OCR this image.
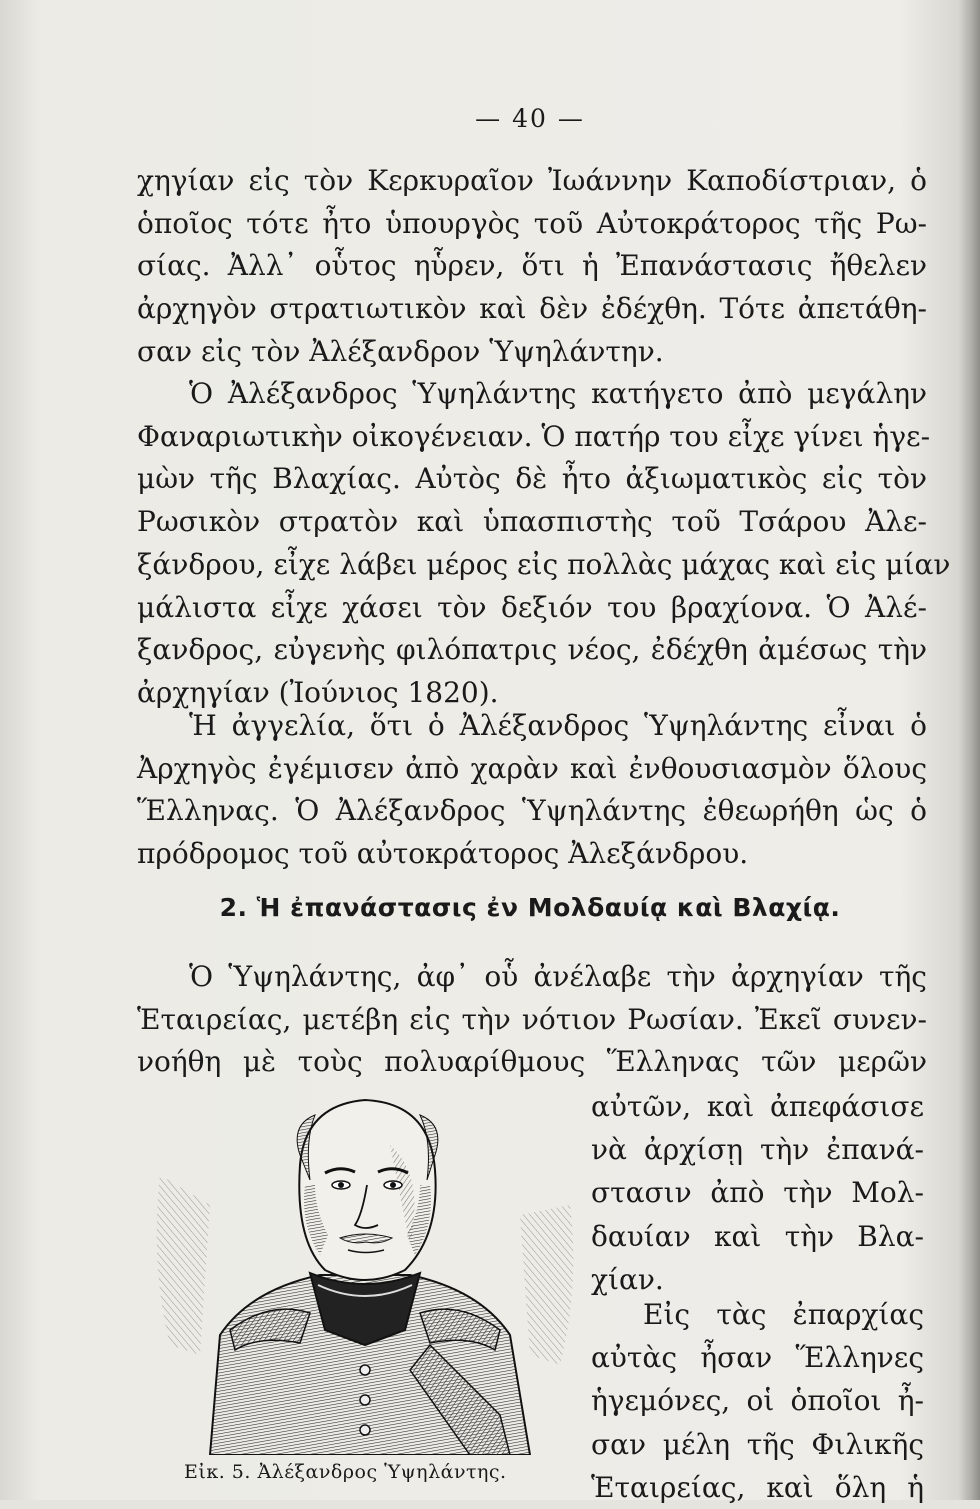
— 40 —
χηγίαν εἰς τὸν Κερκυραῖον Ἰωάννην Καποδίστριαν, ὁ
ὁποῖος τότε ἦτο ὑπουργὸς τοῦ Αὐτοκράτορος τῆς Ρω-
σίας. Ἀλλ᾽ οὗτος ηὗρεν, ὅτι ἡ Ἐπανάστασις ἤθελεν
ἀρχηγὸν στρατιωτικὸν καὶ δὲν ἐδέχθη. Τότε ἀπετάθη-
σαν εἰς τὸν Ἀλέξανδρον Ὑψηλάντην.
Ὁ Ἀλέξανδρος Ὑψηλάντης κατήγετο ἀπὸ μεγάλην
Φαναριωτικὴν οἰκογένειαν. Ὁ πατήρ του εἶχε γίνει ἡγε-
μὼν τῆς Βλαχίας. Αὐτὸς δὲ ἦτο ἀξιωματικὸς εἰς τὸν
Ρωσικὸν στρατὸν καὶ ὑπασπιστὴς τοῦ Τσάρου Ἀλε-
ξάνδρου, εἶχε λάβει μέρος εἰς πολλὰς μάχας καὶ εἰς μίαν
μάλιστα εἶχε χάσει τὸν δεξιόν του βραχίονα. Ὁ Ἀλέ-
ξανδρος, εὐγενὴς φιλόπατρις νέος, ἐδέχθη ἀμέσως τὴν
ἀρχηγίαν (Ἰούνιος 1820).
Ἡ ἀγγελία, ὅτι ὁ Ἀλέξανδρος Ὑψηλάντης εἶναι ὁ
Ἀρχηγὸς ἐγέμισεν ἀπὸ χαρὰν καὶ ἐνθουσιασμὸν ὅλους
Ἕλληνας. Ὁ Ἀλέξανδρος Ὑψηλάντης ἐθεωρήθη ὡς ὁ
πρόδρομος τοῦ αὐτοκράτορος Ἀλεξάνδρου.
2. Ἡ ἐπανάστασις ἐν Μολδαυίᾳ καὶ Βλαχίᾳ.
Ὁ Ὑψηλάντης, ἀφ᾽ οὗ ἀνέλαβε τὴν ἀρχηγίαν τῆς
Ἑταιρείας, μετέβη εἰς τὴν νότιον Ρωσίαν. Ἐκεῖ συνεν-
νοήθη μὲ τοὺς πολυαρίθμους Ἕλληνας τῶν μερῶν
αὐτῶν, καὶ ἀπεφάσισε
νὰ ἀρχίσῃ τὴν ἐπανά-
στασιν ἀπὸ τὴν Μολ-
δαυίαν καὶ τὴν Βλα-
χίαν.
Εἰς τὰς ἐπαρχίας
αὐτὰς ἦσαν Ἕλληνες
ἡγεμόνες, οἱ ὁποῖοι ἦ-
σαν μέλη τῆς Φιλικῆς
Ἑταιρείας, καὶ ὅλη ἡ
Εἰκ. 5. Ἀλέξανδρος Ὑψηλάντης.
